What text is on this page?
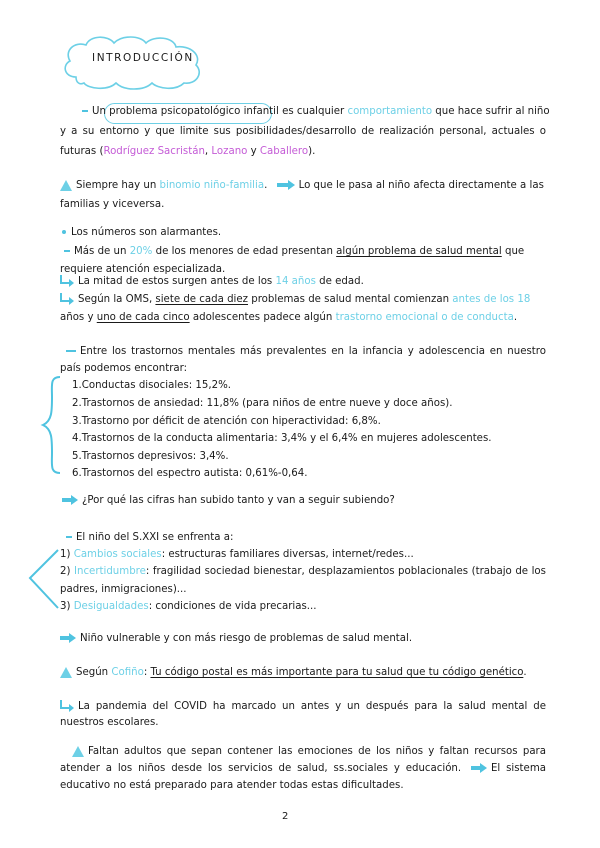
INTRODUCCIÓN
Un problema psicopatológico infantil es cualquier comportamiento que hace sufrir al niño
y a su entorno y que limite sus posibilidades/desarrollo de realización personal, actuales o
futuras (Rodríguez Sacristán, Lozano y Caballero).
Siempre hay un binomio niño-familia.	Lo que le pasa al niño afecta directamente a las
familias y viceversa.
Los números son alarmantes.
Más de un 20% de los menores de edad presentan algún problema de salud mental que
requiere atención especializada.
La mitad de estos surgen antes de los 14 años de edad.
Según la OMS, siete de cada diez problemas de salud mental comienzan antes de los 18
años y uno de cada cinco adolescentes padece algún trastorno emocional o de conducta.
Entre los trastornos mentales más prevalentes en la infancia y adolescencia en nuestro
país podemos encontrar:
1.Conductas disociales: 15,2%.
2.Trastornos de ansiedad: 11,8% (para niños de entre nueve y doce años).
3.Trastorno por déficit de atención con hiperactividad: 6,8%.
4.Trastornos de la conducta alimentaria: 3,4% y el 6,4% en mujeres adolescentes.
5.Trastornos depresivos: 3,4%.
6.Trastornos del espectro autista: 0,61%-0,64.
¿Por qué las cifras han subido tanto y van a seguir subiendo?
El niño del S.XXI se enfrenta a:
1) Cambios sociales: estructuras familiares diversas, internet/redes...
2) Incertidumbre: fragilidad sociedad bienestar, desplazamientos poblacionales (trabajo de los
padres, inmigraciones)...
3) Desigualdades: condiciones de vida precarias...
Niño vulnerable y con más riesgo de problemas de salud mental.
Según Cofiño: Tu código postal es más importante para tu salud que tu código genético.
La pandemia del COVID ha marcado un antes y un después para la salud mental de
nuestros escolares.
Faltan adultos que sepan contener las emociones de los niños y faltan recursos para
atender a los niños desde los servicios de salud, ss.sociales y educación.	El sistema
educativo no está preparado para atender todas estas dificultades.
2
